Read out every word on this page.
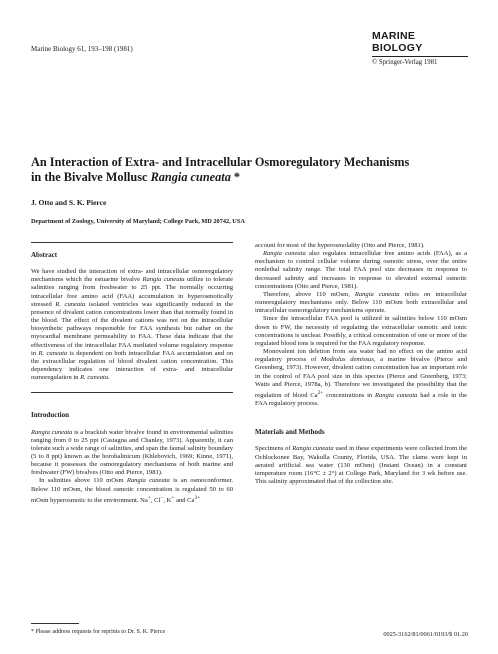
Marine Biology 61, 193–198 (1981)
MARINE BIOLOGY
© Springer-Verlag 1981
An Interaction of Extra- and Intracellular Osmoregulatory Mechanisms
in the Bivalve Mollusc Rangia cuneata *
J. Otto and S. K. Pierce
Department of Zoology, University of Maryland; College Park, MD 20742, USA
Abstract

We have studied the interaction of extra- and intracellular osmoregulatory mechanisms which the estuarine bivalve Rangia cuneata utilize to tolerate salinities ranging from freshwater to 25 ppt. The normally occurring intracellular free amino acid (FAA) accumulation in hyperosmotically stressed R. cuneata isolated ventricles was significantly reduced in the presence of divalent cation concentrations lower than that normally found in the blood. The effect of the divalent cations was not on the intracellular biosynthetic pathways responsible for FAA synthesis but rather on the myocardial membrane permeability to FAA. These data indicate that the effectiveness of the intracellular FAA mediated volume regulatory response in R. cuneata is dependent on both intracellular FAA accumulation and on the extracellular regulation of blood divalent cation concentration. This dependency indicates one interaction of extra- and intracellular osmoregulation in R. cuneata.

Introduction

Rangia cuneata is a brackish water bivalve found in environmental salinities ranging from 0 to 25 ppt (Castagna and Chanley, 1973). Apparently, it can tolerate such a wide range of salinities, and span the faunal salinity boundary (5 to 8 ppt) known as the horohalinicum (Khlebovich, 1969; Kinne, 1971), because it possesses the osmoregulatory mechanisms of both marine and freshwater (FW) bivalves (Otto and Pierce, 1981).

In salinities above 110 mOsm Rangia cuneata is an osmoconformer. Below 110 mOsm, the blood osmotic concentration is regulated 50 to 60 mOsm hyperosmotic to the environment. Na+, Cl−, K+ and $Ca^{2+}$

account for most of the hyperosmolality (Otto and Pierce, 1981).

Rangia cuneata also regulates intracellular free amino acids (FAA), as a mechanism to control cellular volume during osmotic stress, over the entire nonlethal salinity range. The total FAA pool size decreases in response to decreased salinity and increases in response to elevated external osmotic concentrations (Otto and Pierce, 1981).

Therefore, above 110 mOsm, Rangia cuneata relies on intracellular osmoregulatory mechanisms only. Below 110 mOsm both extracellular and intracellular osmoregulatory mechanisms operate.

Since the intracellular FAA pool is utilized in salinities below 110 mOsm down to FW, the necessity of regulating the extracellular osmotic and ionic concentrations is unclear. Possibly, a critical concentration of one or more of the regulated blood ions is required for the FAA regulatory response.

Monovalent ion deletion from sea water had no effect on the amino acid regulatory process of Modiolus demissus, a marine bivalve (Pierce and Greenberg, 1973). However, divalent cation concentration has an important role in the control of FAA pool size in this species (Pierce and Greenberg, 1973; Watts and Pierce, 1978a, b). Therefore we investigated the possibility that the regulation of blood $Ca^{2+}$ concentrations in Rangia cuneata had a role in the FAA regulatory process.

Materials and Methods

Specimens of Rangia cuneata used in these experiments were collected from the Ochlockonee Bay, Wakulla County, Florida, USA. The clams were kept in aerated artificial sea water (130 mOsm) (Instant Ocean) in a constant temperature room (16°C ± 2°) at College Park, Maryland for 3 wk before use. This salinity approximated that of the collection site.

* Please address requests for reprints to Dr. S. K. Pierce	0025-3162/81/0061/0193/$ 01.20
